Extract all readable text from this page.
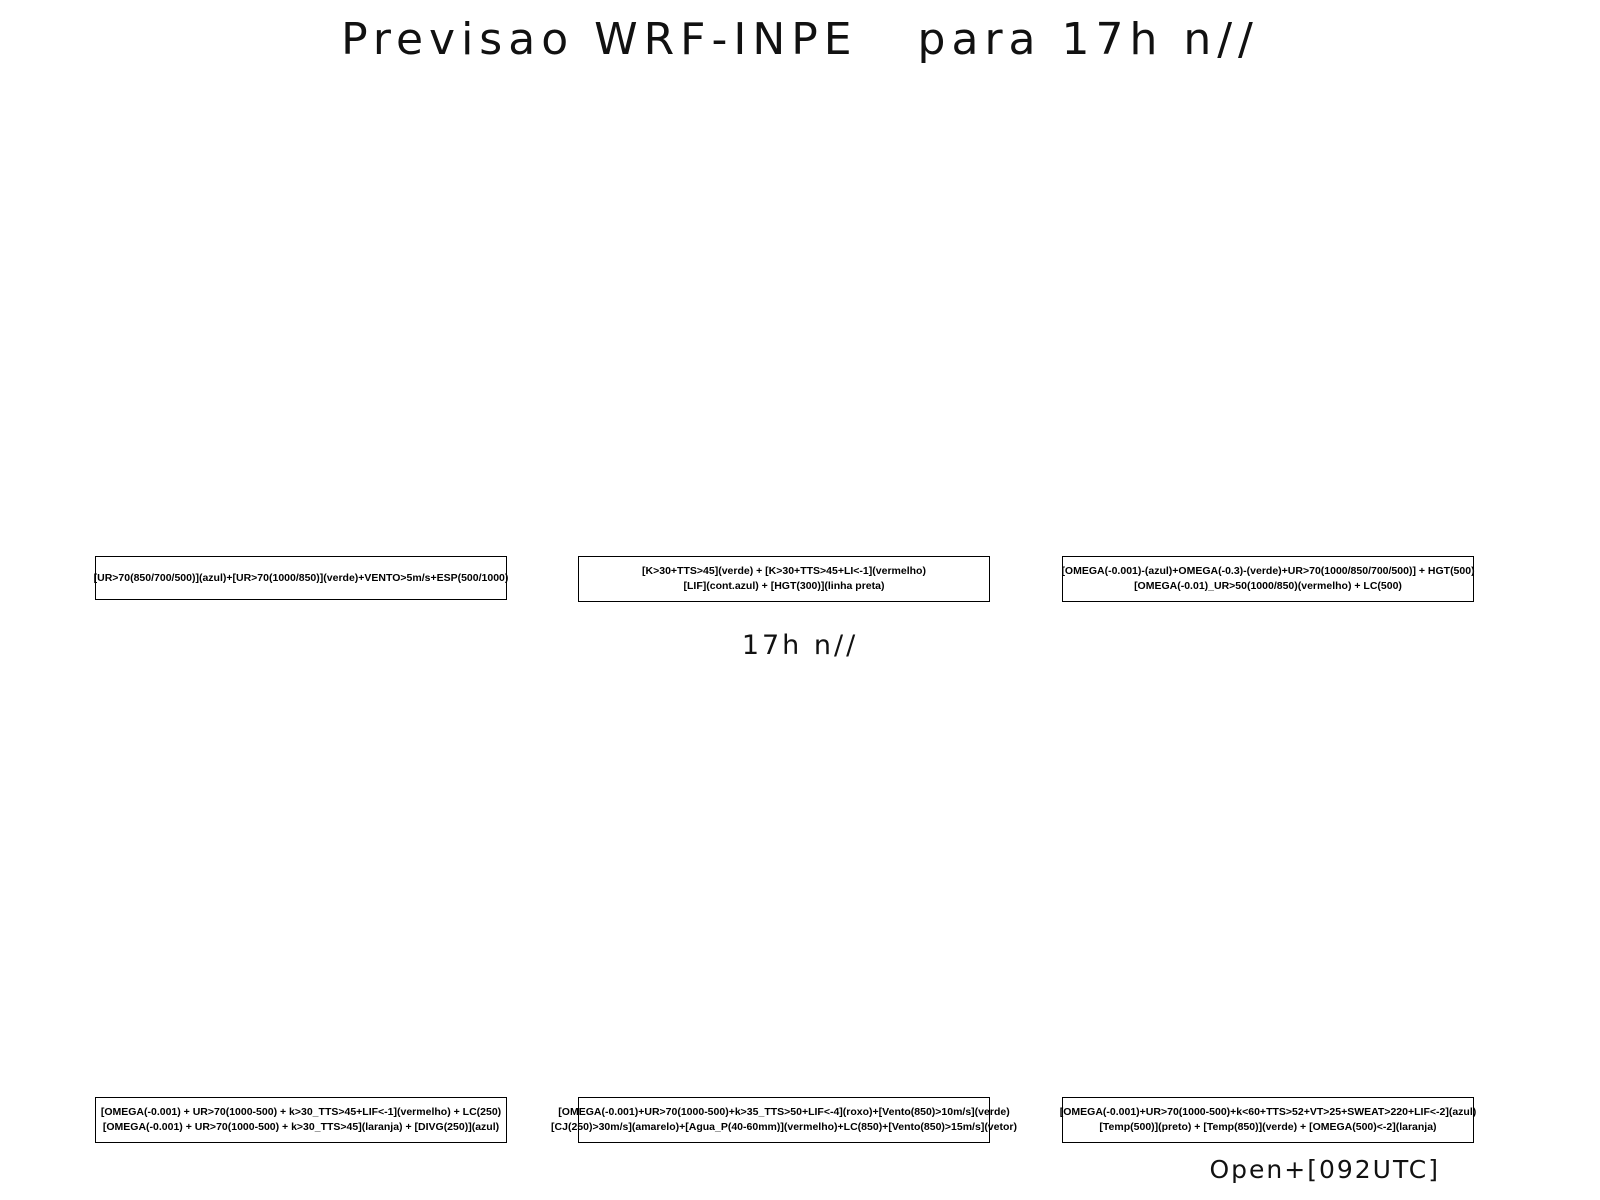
Previsao WRF-INPE   para 17h n//
[UR>70(850/700/500)](azul)+[UR>70(1000/850)](verde)+VENTO>5m/s+ESP(500/1000)
[K>30+TTS>45](verde) + [K>30+TTS>45+LI<-1](vermelho)
[LIF](cont.azul) + [HGT(300)](linha preta)
[OMEGA(-0.001)-(azul)+OMEGA(-0.3)-(verde)+UR>70(1000/850/700/500)] + HGT(500)
[OMEGA(-0.01)_UR>50(1000/850)(vermelho) + LC(500)
17h n//
[OMEGA(-0.001) + UR>70(1000-500) + k>30_TTS>45+LIF<-1](vermelho) + LC(250)
[OMEGA(-0.001) + UR>70(1000-500) + k>30_TTS>45](laranja) + [DIVG(250)](azul)
[OMEGA(-0.001)+UR>70(1000-500)+k>35_TTS>50+LIF<-4](roxo)+[Vento(850)>10m/s](verde)
[CJ(250)>30m/s](amarelo)+[Agua_P(40-60mm)](vermelho)+LC(850)+[Vento(850)>15m/s](vetor)
[OMEGA(-0.001)+UR>70(1000-500)+k<60+TTS>52+VT>25+SWEAT>220+LIF<-2](azul)
[Temp(500)](preto) + [Temp(850)](verde) + [OMEGA(500)<-2](laranja)
Open+[092UTC]
